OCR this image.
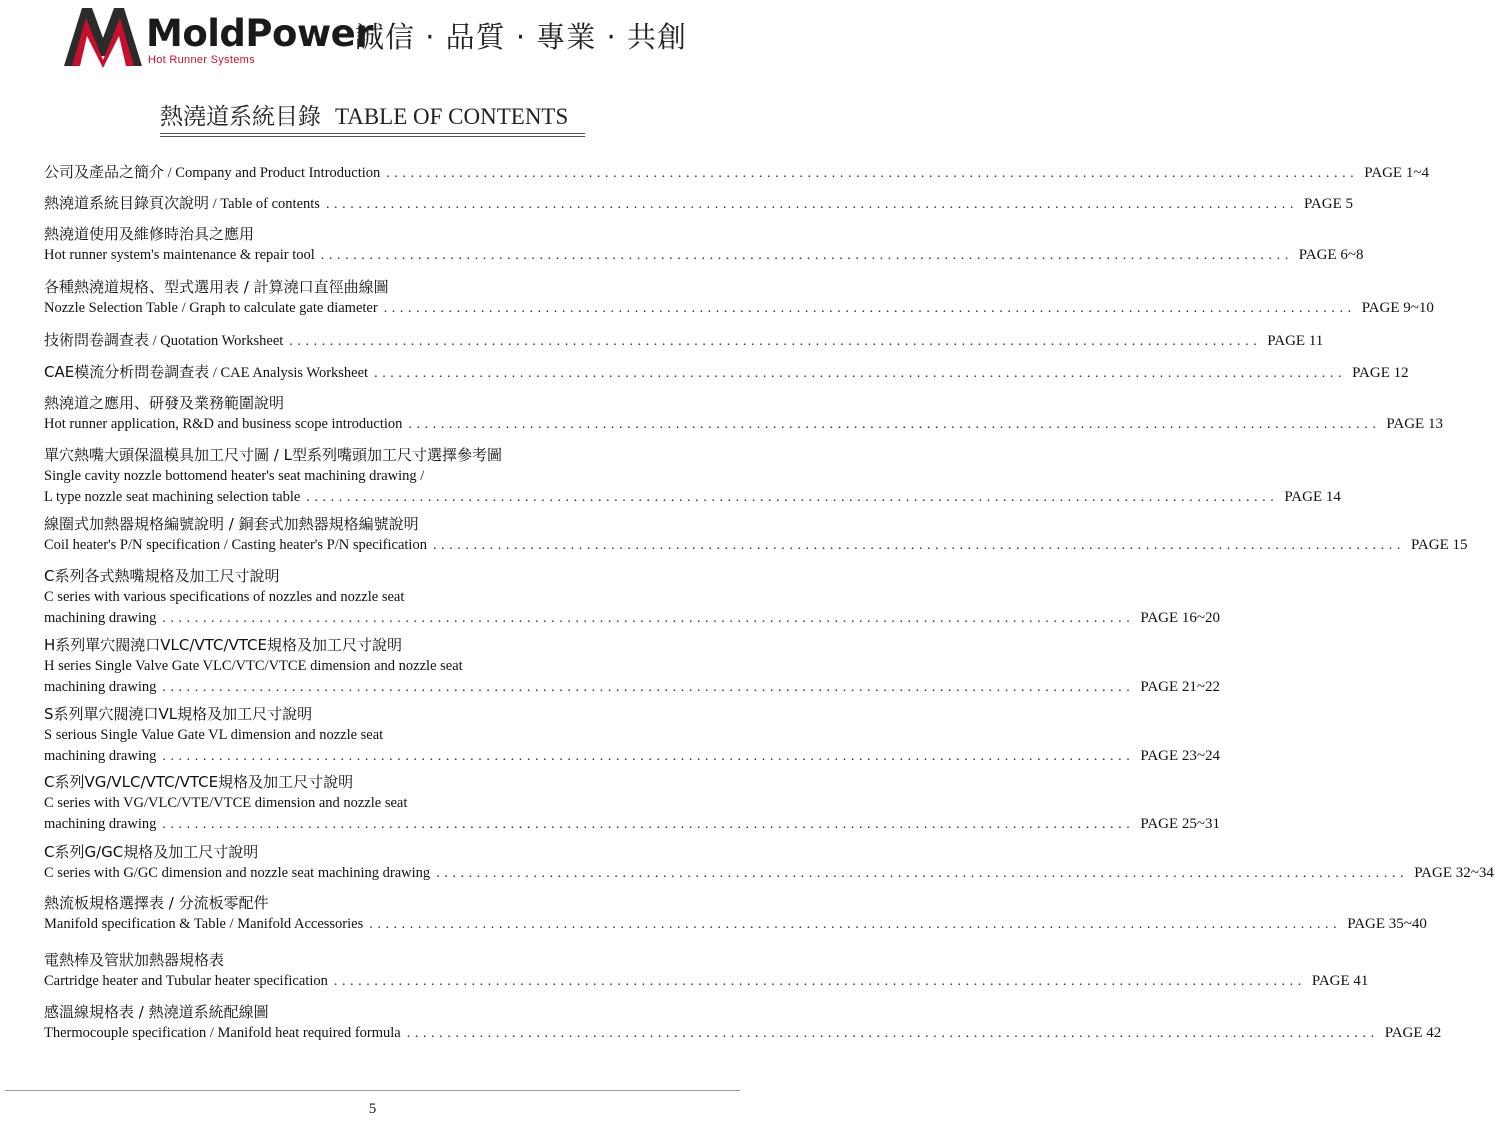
MoldPower
Hot Runner Systems
誠信 · 品質 · 專業 · 共創
熱澆道系統目錄 TABLE OF CONTENTS
公司及產品之簡介 / Company and Product Introduction ........................................................................................................................ PAGE 1~4
熱澆道系統目錄頁次說明 / Table of contents ........................................................................................................................ PAGE 5
熱澆道使用及維修時治具之應用
Hot runner system's maintenance & repair tool ........................................................................................................................ PAGE 6~8
各種熱澆道規格、型式選用表 / 計算澆口直徑曲線圖
Nozzle Selection Table / Graph to calculate gate diameter ........................................................................................................................ PAGE 9~10
技術問卷調查表 / Quotation Worksheet ........................................................................................................................ PAGE 11
CAE模流分析問卷調查表 / CAE Analysis Worksheet ........................................................................................................................ PAGE 12
熱澆道之應用、研發及業務範圍說明
Hot runner application, R&D and business scope introduction ........................................................................................................................ PAGE 13
單穴熱嘴大頭保溫模具加工尺寸圖 / L型系列嘴頭加工尺寸選擇參考圖
Single cavity nozzle bottomend heater's seat machining drawing /
L type nozzle seat machining selection table ........................................................................................................................ PAGE 14
線圈式加熱器規格編號說明 / 銅套式加熱器規格編號說明
Coil heater's P/N specification / Casting heater's P/N specification ........................................................................................................................ PAGE 15
C系列各式熱嘴規格及加工尺寸說明
C series with various specifications of nozzles and nozzle seat
machining drawing ........................................................................................................................ PAGE 16~20
H系列單穴閥澆口VLC/VTC/VTCE規格及加工尺寸說明
H series Single Valve Gate VLC/VTC/VTCE dimension and nozzle seat
machining drawing ........................................................................................................................ PAGE 21~22
S系列單穴閥澆口VL規格及加工尺寸說明
S serious Single Value Gate VL dimension and nozzle seat
machining drawing ........................................................................................................................ PAGE 23~24
C系列VG/VLC/VTC/VTCE規格及加工尺寸說明
C series with VG/VLC/VTE/VTCE dimension and nozzle seat
machining drawing ........................................................................................................................ PAGE 25~31
C系列G/GC規格及加工尺寸說明
C series with G/GC dimension and nozzle seat machining drawing ........................................................................................................................ PAGE 32~34
熱流板規格選擇表 / 分流板零配件
Manifold specification & Table / Manifold Accessories ........................................................................................................................ PAGE 35~40
電熱棒及管狀加熱器規格表
Cartridge heater and Tubular heater specification ........................................................................................................................ PAGE 41
感溫線規格表 / 熱澆道系統配線圖
Thermocouple specification / Manifold heat required formula ........................................................................................................................ PAGE 42
5
